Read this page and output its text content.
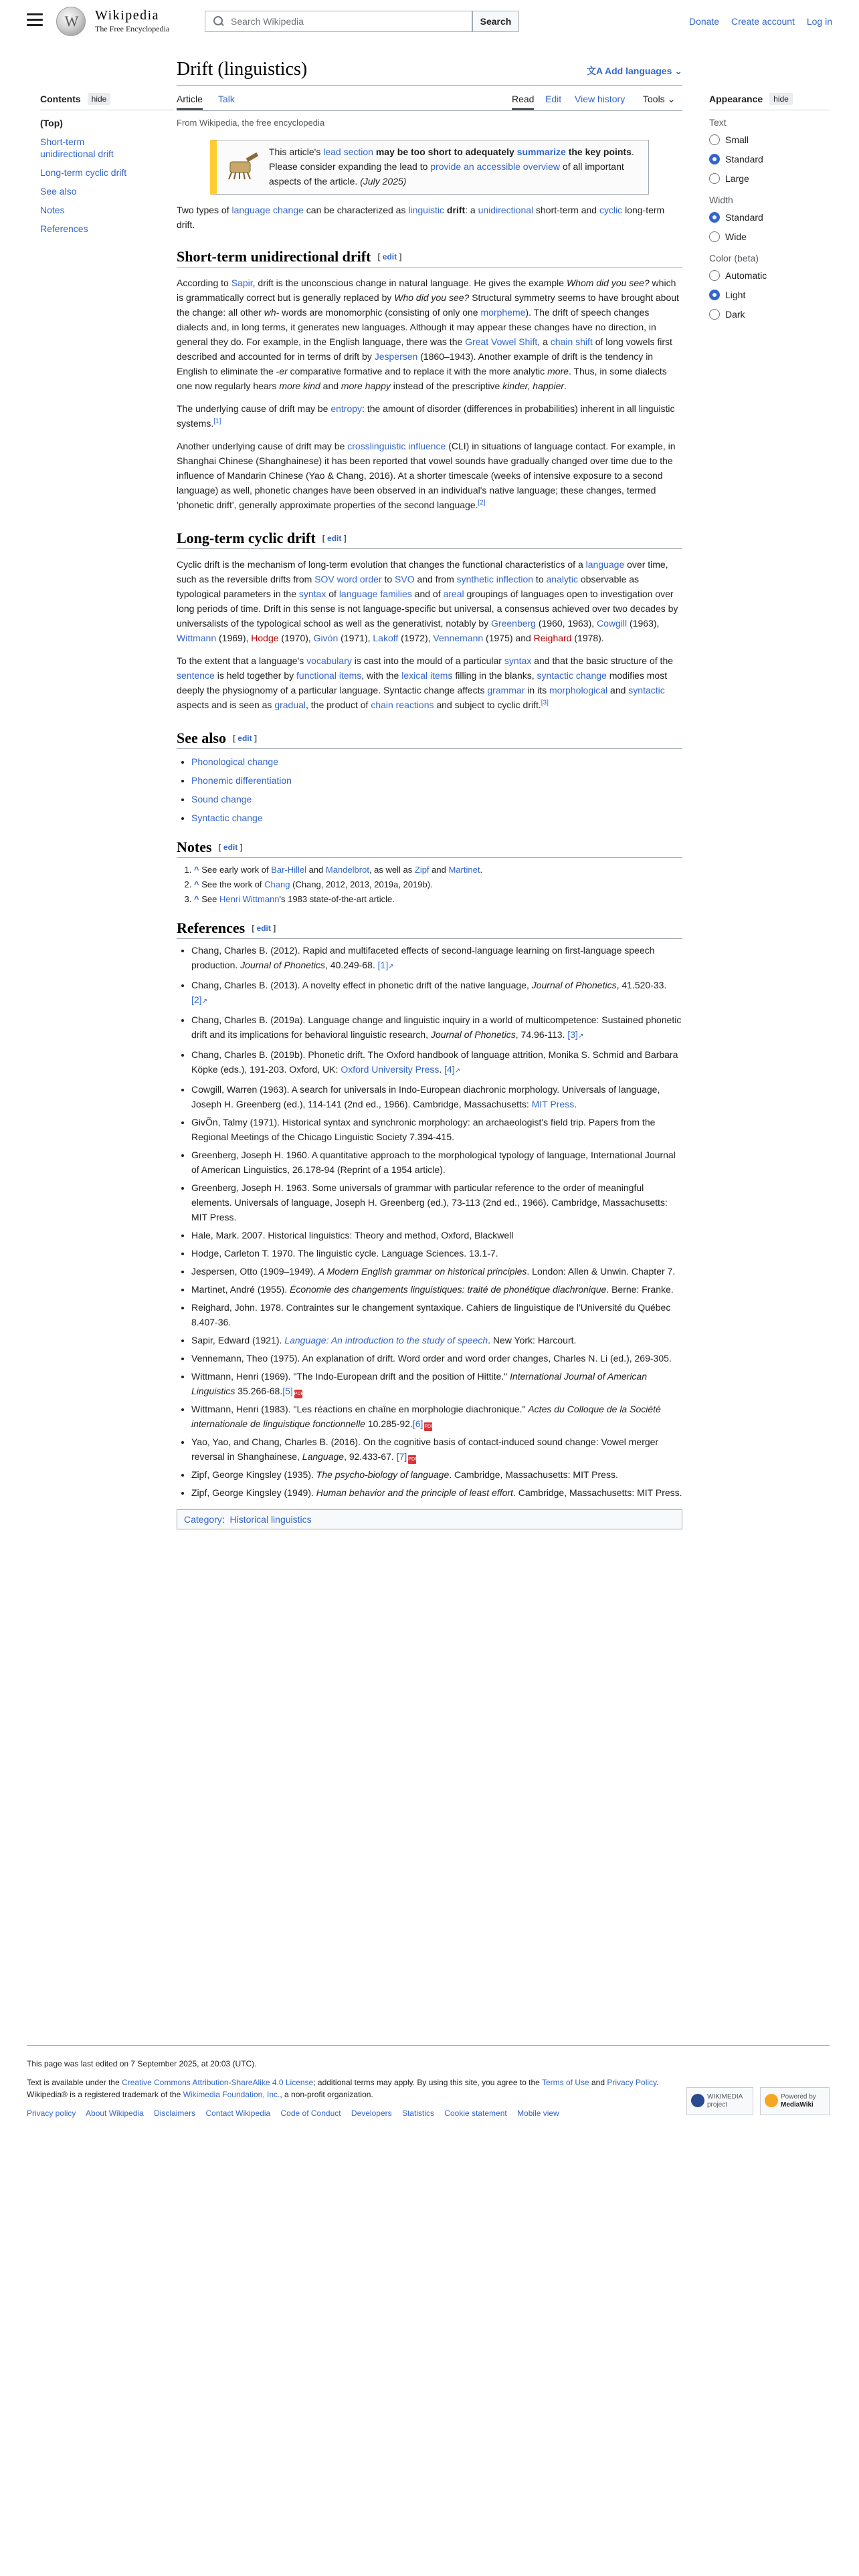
W
Wikipedia
The Free Encyclopedia
Search Wikipedia
Search	Donate Create account Log in
Contents	hide
(Top)
Short-term unidirectional drift
Long-term cyclic drift
See also
Notes
References
Appearance	hide
Text
Small
Standard
Large
Width
Standard
Wide
Color (beta)
Automatic
Light
Dark
Drift (linguistics)	文A Add languages ⌄
Article Talk	Read Edit View history Tools ⌄
From Wikipedia, the free encyclopedia
This article's lead section may be too short to adequately summarize the key points. Please consider expanding the lead to provide an accessible overview of all important aspects of the article. (July 2025)

Two types of language change can be characterized as linguistic drift: a unidirectional short-term and cyclic long-term drift.

Short-term unidirectional drift [ edit ]

According to Sapir, drift is the unconscious change in natural language. He gives the example Whom did you see? which is grammatically correct but is generally replaced by Who did you see? Structural symmetry seems to have brought about the change: all other wh- words are monomorphic (consisting of only one morpheme). The drift of speech changes dialects and, in long terms, it generates new languages. Although it may appear these changes have no direction, in general they do. For example, in the English language, there was the Great Vowel Shift, a chain shift of long vowels first described and accounted for in terms of drift by Jespersen (1860–1943). Another example of drift is the tendency in English to eliminate the -er comparative formative and to replace it with the more analytic more. Thus, in some dialects one now regularly hears more kind and more happy instead of the prescriptive kinder, happier.

The underlying cause of drift may be entropy: the amount of disorder (differences in probabilities) inherent in all linguistic systems.[1]

Another underlying cause of drift may be crosslinguistic influence (CLI) in situations of language contact. For example, in Shanghai Chinese (Shanghainese) it has been reported that vowel sounds have gradually changed over time due to the influence of Mandarin Chinese (Yao & Chang, 2016). At a shorter timescale (weeks of intensive exposure to a second language) as well, phonetic changes have been observed in an individual's native language; these changes, termed 'phonetic drift', generally approximate properties of the second language.[2]

Long-term cyclic drift [ edit ]

Cyclic drift is the mechanism of long-term evolution that changes the functional characteristics of a language over time, such as the reversible drifts from SOV word order to SVO and from synthetic inflection to analytic observable as typological parameters in the syntax of language families and of areal groupings of languages open to investigation over long periods of time. Drift in this sense is not language-specific but universal, a consensus achieved over two decades by universalists of the typological school as well as the generativist, notably by Greenberg (1960, 1963), Cowgill (1963), Wittmann (1969), Hodge (1970), Givón (1971), Lakoff (1972), Vennemann (1975) and Reighard (1978).

To the extent that a language's vocabulary is cast into the mould of a particular syntax and that the basic structure of the sentence is held together by functional items, with the lexical items filling in the blanks, syntactic change modifies most deeply the physiognomy of a particular language. Syntactic change affects grammar in its morphological and syntactic aspects and is seen as gradual, the product of chain reactions and subject to cyclic drift.[3]

See also [ edit ]
• Phonological change
• Phonemic differentiation
• Sound change
• Syntactic change
Notes [ edit ]
1. ^ See early work of Bar-Hillel and Mandelbrot, as well as Zipf and Martinet.
2. ^ See the work of Chang (Chang, 2012, 2013, 2019a, 2019b).
3. ^ See Henri Wittmann's 1983 state-of-the-art article.
References [ edit ]
• Chang, Charles B. (2012). Rapid and multifaceted effects of second-language learning on first-language speech production. Journal of Phonetics, 40.249-68. [1]↗
• Chang, Charles B. (2013). A novelty effect in phonetic drift of the native language, Journal of Phonetics, 41.520-33. [2]↗
• Chang, Charles B. (2019a). Language change and linguistic inquiry in a world of multicompetence: Sustained phonetic drift and its implications for behavioral linguistic research, Journal of Phonetics, 74.96-113. [3]↗
• Chang, Charles B. (2019b). Phonetic drift. The Oxford handbook of language attrition, Monika S. Schmid and Barbara Köpke (eds.), 191-203. Oxford, UK: Oxford University Press. [4]↗
• Cowgill, Warren (1963). A search for universals in Indo-European diachronic morphology. Universals of language, Joseph H. Greenberg (ed.), 114-141 (2nd ed., 1966). Cambridge, Massachusetts: MIT Press.
• GivÕn, Talmy (1971). Historical syntax and synchronic morphology: an archaeologist's field trip. Papers from the Regional Meetings of the Chicago Linguistic Society 7.394-415.
• Greenberg, Joseph H. 1960. A quantitative approach to the morphological typology of language, International Journal of American Linguistics, 26.178-94 (Reprint of a 1954 article).
• Greenberg, Joseph H. 1963. Some universals of grammar with particular reference to the order of meaningful elements. Universals of language, Joseph H. Greenberg (ed.), 73-113 (2nd ed., 1966). Cambridge, Massachusetts: MIT Press.
• Hale, Mark. 2007. Historical linguistics: Theory and method, Oxford, Blackwell
• Hodge, Carleton T. 1970. The linguistic cycle. Language Sciences. 13.1-7.
• Jespersen, Otto (1909–1949). A Modern English grammar on historical principles. London: Allen & Unwin. Chapter 7.
• Martinet, André (1955). Économie des changements linguistiques: traité de phonétique diachronique. Berne: Franke.
• Reighard, John. 1978. Contraintes sur le changement syntaxique. Cahiers de linguistique de l'Université du Québec 8.407-36.
• Sapir, Edward (1921). Language: An introduction to the study of speech. New York: Harcourt.
• Vennemann, Theo (1975). An explanation of drift. Word order and word order changes, Charles N. Li (ed.), 269-305.
• Wittmann, Henri (1969). "The Indo-European drift and the position of Hittite." International Journal of American Linguistics 35.266-68.[5] PDF
• Wittmann, Henri (1983). "Les réactions en chaîne en morphologie diachronique." Actes du Colloque de la Société internationale de linguistique fonctionnelle 10.285-92.[6] PDF
• Yao, Yao, and Chang, Charles B. (2016). On the cognitive basis of contact-induced sound change: Vowel merger reversal in Shanghainese, Language, 92.433-67. [7] PDF
• Zipf, George Kingsley (1935). The psycho-biology of language. Cambridge, Massachusetts: MIT Press.
• Zipf, George Kingsley (1949). Human behavior and the principle of least effort. Cambridge, Massachusetts: MIT Press.
Category: Historical linguistics

This page was last edited on 7 September 2025, at 20:03 (UTC).

Text is available under the Creative Commons Attribution-ShareAlike 4.0 License; additional terms may apply. By using this site, you agree to the Terms of Use and Privacy Policy. Wikipedia® is a registered trademark of the Wikimedia Foundation, Inc., a non-profit organization.

Privacy policy About Wikipedia Disclaimers Contact Wikipedia Code of Conduct Developers Statistics Cookie statement Mobile view
WIKIMEDIA
project
Powered by
MediaWiki
